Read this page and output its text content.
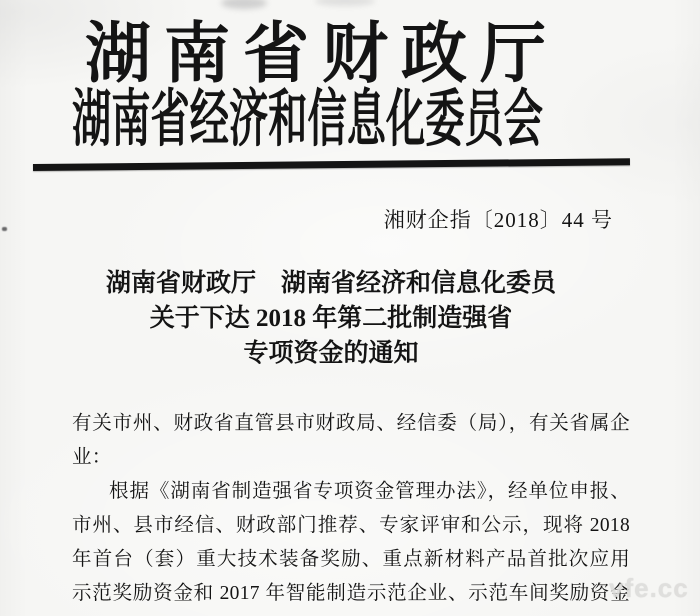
湖南省财政厅
湖南省经济和信息化委员会
湘财企指〔2018〕44 号
湖南省财政厅　湖南省经济和信息化委员
关于下达 2018 年第二批制造强省
专项资金的通知
有关市州、财政省直管县市财政局、经信委（局），有关省属企
业：
根据《湖南省制造强省专项资金管理办法》，经单位申报、
市州、县市经信、财政部门推荐、专家评审和公示，现将 2018
年首台（套）重大技术装备奖励、重点新材料产品首批次应用
示范奖励资金和 2017 年智能制造示范企业、示范车间奖励资金
vfe.cc
